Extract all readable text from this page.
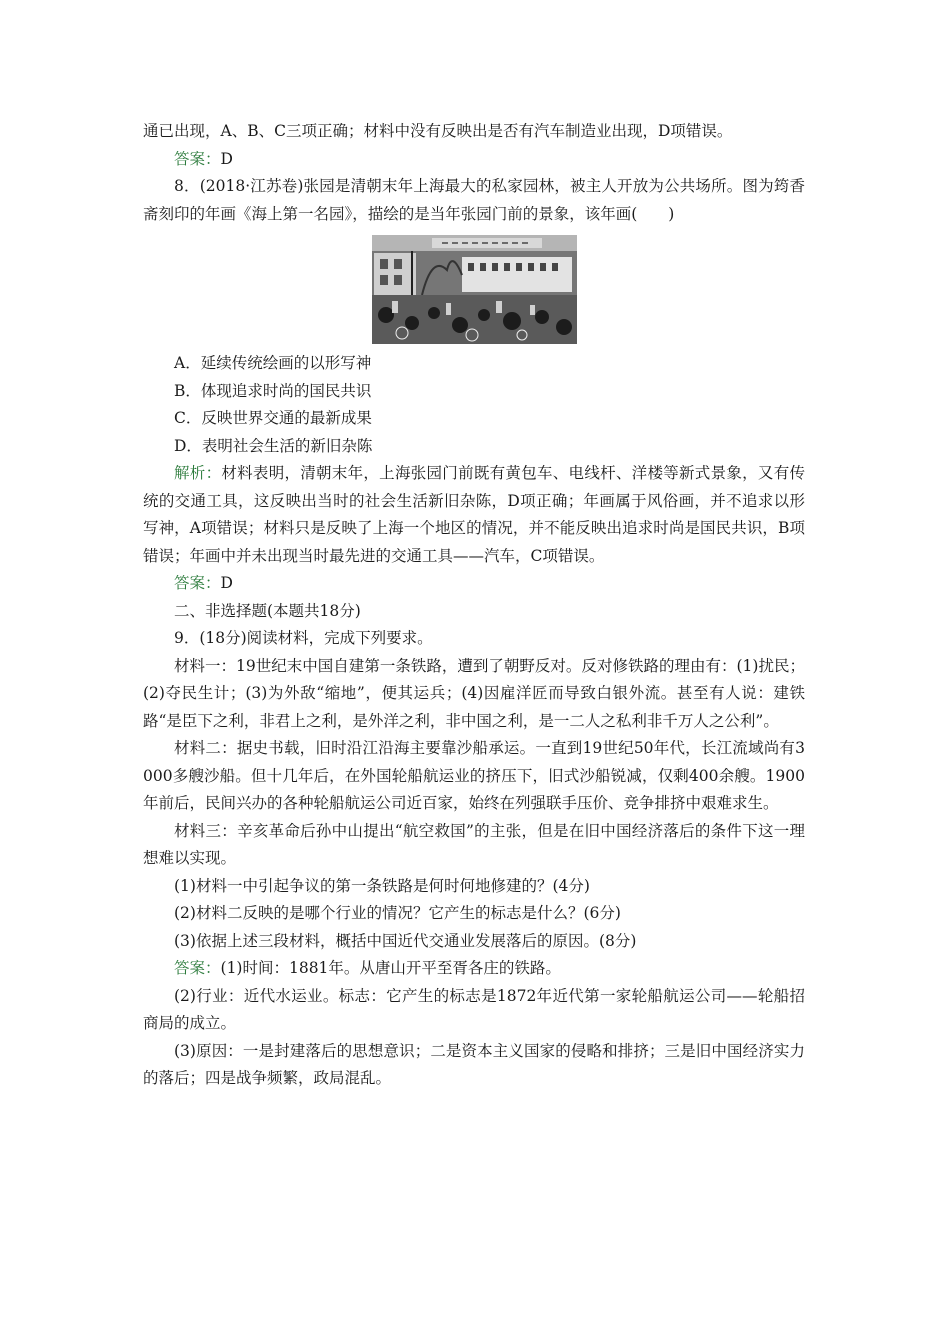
通已出现，A、B、C三项正确；材料中没有反映出是否有汽车制造业出现，D项错误。

答案：D

8．(2018·江苏卷)张园是清朝末年上海最大的私家园林，被主人开放为公共场所。图为筠香斋刻印的年画《海上第一名园》，描绘的是当年张园门前的景象，该年画(　　)

A．延续传统绘画的以形写神

B．体现追求时尚的国民共识

C．反映世界交通的最新成果

D．表明社会生活的新旧杂陈

解析：材料表明，清朝末年，上海张园门前既有黄包车、电线杆、洋楼等新式景象，又有传统的交通工具，这反映出当时的社会生活新旧杂陈，D项正确；年画属于风俗画，并不追求以形写神，A项错误；材料只是反映了上海一个地区的情况，并不能反映出追求时尚是国民共识，B项错误；年画中并未出现当时最先进的交通工具——汽车，C项错误。

答案：D

二、非选择题(本题共18分)

9．(18分)阅读材料，完成下列要求。

材料一：19世纪末中国自建第一条铁路，遭到了朝野反对。反对修铁路的理由有：(1)扰民；(2)夺民生计；(3)为外敌“缩地”，便其运兵；(4)因雇洋匠而导致白银外流。甚至有人说：建铁路“是臣下之利，非君上之利，是外洋之利，非中国之利，是一二人之私利非千万人之公利”。

材料二：据史书载，旧时沿江沿海主要靠沙船承运。一直到19世纪50年代，长江流域尚有3 000多艘沙船。但十几年后，在外国轮船航运业的挤压下，旧式沙船锐减，仅剩400余艘。1900年前后，民间兴办的各种轮船航运公司近百家，始终在列强联手压价、竞争排挤中艰难求生。

材料三：辛亥革命后孙中山提出“航空救国”的主张，但是在旧中国经济落后的条件下这一理想难以实现。

(1)材料一中引起争议的第一条铁路是何时何地修建的？(4分)

(2)材料二反映的是哪个行业的情况？它产生的标志是什么？(6分)

(3)依据上述三段材料，概括中国近代交通业发展落后的原因。(8分)

答案：(1)时间：1881年。从唐山开平至胥各庄的铁路。

(2)行业：近代水运业。标志：它产生的标志是1872年近代第一家轮船航运公司——轮船招商局的成立。

(3)原因：一是封建落后的思想意识；二是资本主义国家的侵略和排挤；三是旧中国经济实力的落后；四是战争频繁，政局混乱。
